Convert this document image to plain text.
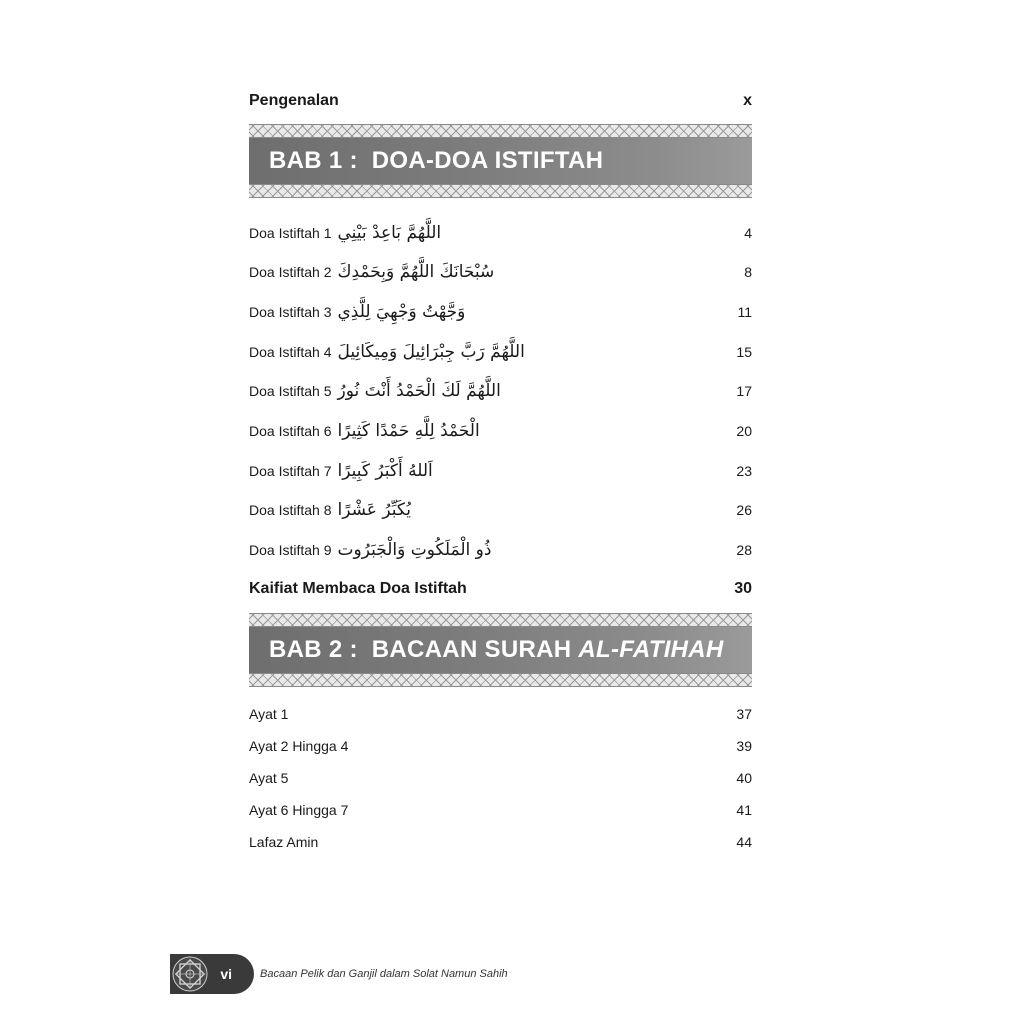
Pengenalan	x
BAB 1 : DOA-DOA ISTIFTAH
Doa Istiftah 1 اللَّهُمَّ بَاعِدْ بَيْنِي	4
Doa Istiftah 2 سُبْحَانَكَ اللَّهُمَّ وَبِحَمْدِكَ	8
Doa Istiftah 3 وَجَّهْتُ وَجْهِيَ لِلَّذِي	11
Doa Istiftah 4 اللَّهُمَّ رَبَّ جِبْرَائِيلَ وَمِيكَائِيلَ	15
Doa Istiftah 5 اللَّهُمَّ لَكَ الْحَمْدُ أَنْتَ نُورُ	17
Doa Istiftah 6 الْحَمْدُ لِلَّهِ حَمْدًا كَثِيرًا	20
Doa Istiftah 7 اَللهُ أَكْبَرُ كَبِيرًا	23
Doa Istiftah 8 يُكَبِّرُ عَشْرًا	26
Doa Istiftah 9 ذُو الْمَلَكُوتِ وَالْجَبَرُوت	28
Kaifiat Membaca Doa Istiftah	30
BAB 2 : BACAAN SURAH AL-FATIHAH
Ayat 1	37
Ayat 2 Hingga 4	39
Ayat 5	40
Ayat 6 Hingga 7	41
Lafaz Amin	44
vi	Bacaan Pelik dan Ganjil dalam Solat Namun Sahih
